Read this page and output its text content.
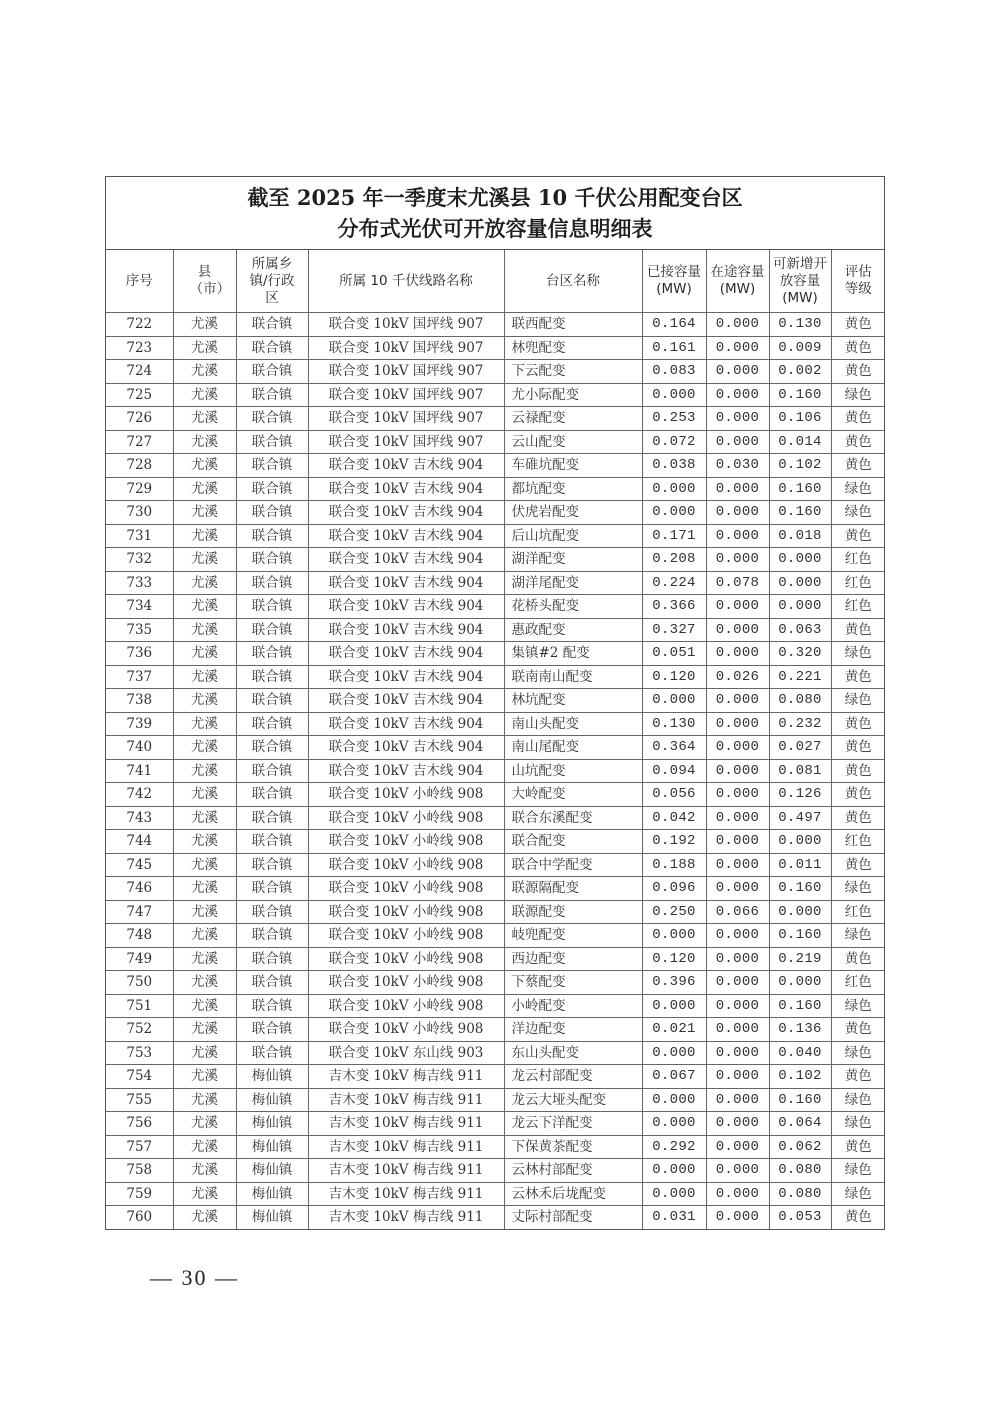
截至 2025 年一季度末尤溪县 10 千伏公用配变台区
分布式光伏可开放容量信息明细表
序号	县（市）	所属乡镇/行政区	所属 10 千伏线路名称	台区名称	已接容量(MW)	在途容量(MW)	可新增开放容量(MW)	评估等级

722	尤溪	联合镇	联合变 10kV 国坪线 907	联西配变	0.164	0.000	0.130	黄色
723	尤溪	联合镇	联合变 10kV 国坪线 907	林兜配变	0.161	0.000	0.009	黄色
724	尤溪	联合镇	联合变 10kV 国坪线 907	下云配变	0.083	0.000	0.002	黄色
725	尤溪	联合镇	联合变 10kV 国坪线 907	尤小际配变	0.000	0.000	0.160	绿色
726	尤溪	联合镇	联合变 10kV 国坪线 907	云禄配变	0.253	0.000	0.106	黄色
727	尤溪	联合镇	联合变 10kV 国坪线 907	云山配变	0.072	0.000	0.014	黄色
728	尤溪	联合镇	联合变 10kV 吉木线 904	车碓坑配变	0.038	0.030	0.102	黄色
729	尤溪	联合镇	联合变 10kV 吉木线 904	都坑配变	0.000	0.000	0.160	绿色
730	尤溪	联合镇	联合变 10kV 吉木线 904	伏虎岩配变	0.000	0.000	0.160	绿色
731	尤溪	联合镇	联合变 10kV 吉木线 904	后山坑配变	0.171	0.000	0.018	黄色
732	尤溪	联合镇	联合变 10kV 吉木线 904	湖洋配变	0.208	0.000	0.000	红色
733	尤溪	联合镇	联合变 10kV 吉木线 904	湖洋尾配变	0.224	0.078	0.000	红色
734	尤溪	联合镇	联合变 10kV 吉木线 904	花桥头配变	0.366	0.000	0.000	红色
735	尤溪	联合镇	联合变 10kV 吉木线 904	惠政配变	0.327	0.000	0.063	黄色
736	尤溪	联合镇	联合变 10kV 吉木线 904	集镇#2 配变	0.051	0.000	0.320	绿色
737	尤溪	联合镇	联合变 10kV 吉木线 904	联南南山配变	0.120	0.026	0.221	黄色
738	尤溪	联合镇	联合变 10kV 吉木线 904	林坑配变	0.000	0.000	0.080	绿色
739	尤溪	联合镇	联合变 10kV 吉木线 904	南山头配变	0.130	0.000	0.232	黄色
740	尤溪	联合镇	联合变 10kV 吉木线 904	南山尾配变	0.364	0.000	0.027	黄色
741	尤溪	联合镇	联合变 10kV 吉木线 904	山坑配变	0.094	0.000	0.081	黄色
742	尤溪	联合镇	联合变 10kV 小岭线 908	大岭配变	0.056	0.000	0.126	黄色
743	尤溪	联合镇	联合变 10kV 小岭线 908	联合东溪配变	0.042	0.000	0.497	黄色
744	尤溪	联合镇	联合变 10kV 小岭线 908	联合配变	0.192	0.000	0.000	红色
745	尤溪	联合镇	联合变 10kV 小岭线 908	联合中学配变	0.188	0.000	0.011	黄色
746	尤溪	联合镇	联合变 10kV 小岭线 908	联源隔配变	0.096	0.000	0.160	绿色
747	尤溪	联合镇	联合变 10kV 小岭线 908	联源配变	0.250	0.066	0.000	红色
748	尤溪	联合镇	联合变 10kV 小岭线 908	岐兜配变	0.000	0.000	0.160	绿色
749	尤溪	联合镇	联合变 10kV 小岭线 908	西边配变	0.120	0.000	0.219	黄色
750	尤溪	联合镇	联合变 10kV 小岭线 908	下蔡配变	0.396	0.000	0.000	红色
751	尤溪	联合镇	联合变 10kV 小岭线 908	小岭配变	0.000	0.000	0.160	绿色
752	尤溪	联合镇	联合变 10kV 小岭线 908	洋边配变	0.021	0.000	0.136	黄色
753	尤溪	联合镇	联合变 10kV 东山线 903	东山头配变	0.000	0.000	0.040	绿色
754	尤溪	梅仙镇	吉木变 10kV 梅吉线 911	龙云村部配变	0.067	0.000	0.102	黄色
755	尤溪	梅仙镇	吉木变 10kV 梅吉线 911	龙云大垭头配变	0.000	0.000	0.160	绿色
756	尤溪	梅仙镇	吉木变 10kV 梅吉线 911	龙云下洋配变	0.000	0.000	0.064	绿色
757	尤溪	梅仙镇	吉木变 10kV 梅吉线 911	下保黄茶配变	0.292	0.000	0.062	黄色
758	尤溪	梅仙镇	吉木变 10kV 梅吉线 911	云林村部配变	0.000	0.000	0.080	绿色
759	尤溪	梅仙镇	吉木变 10kV 梅吉线 911	云林禾后垅配变	0.000	0.000	0.080	绿色
760	尤溪	梅仙镇	吉木变 10kV 梅吉线 911	丈际村部配变	0.031	0.000	0.053	黄色
— 30 —
